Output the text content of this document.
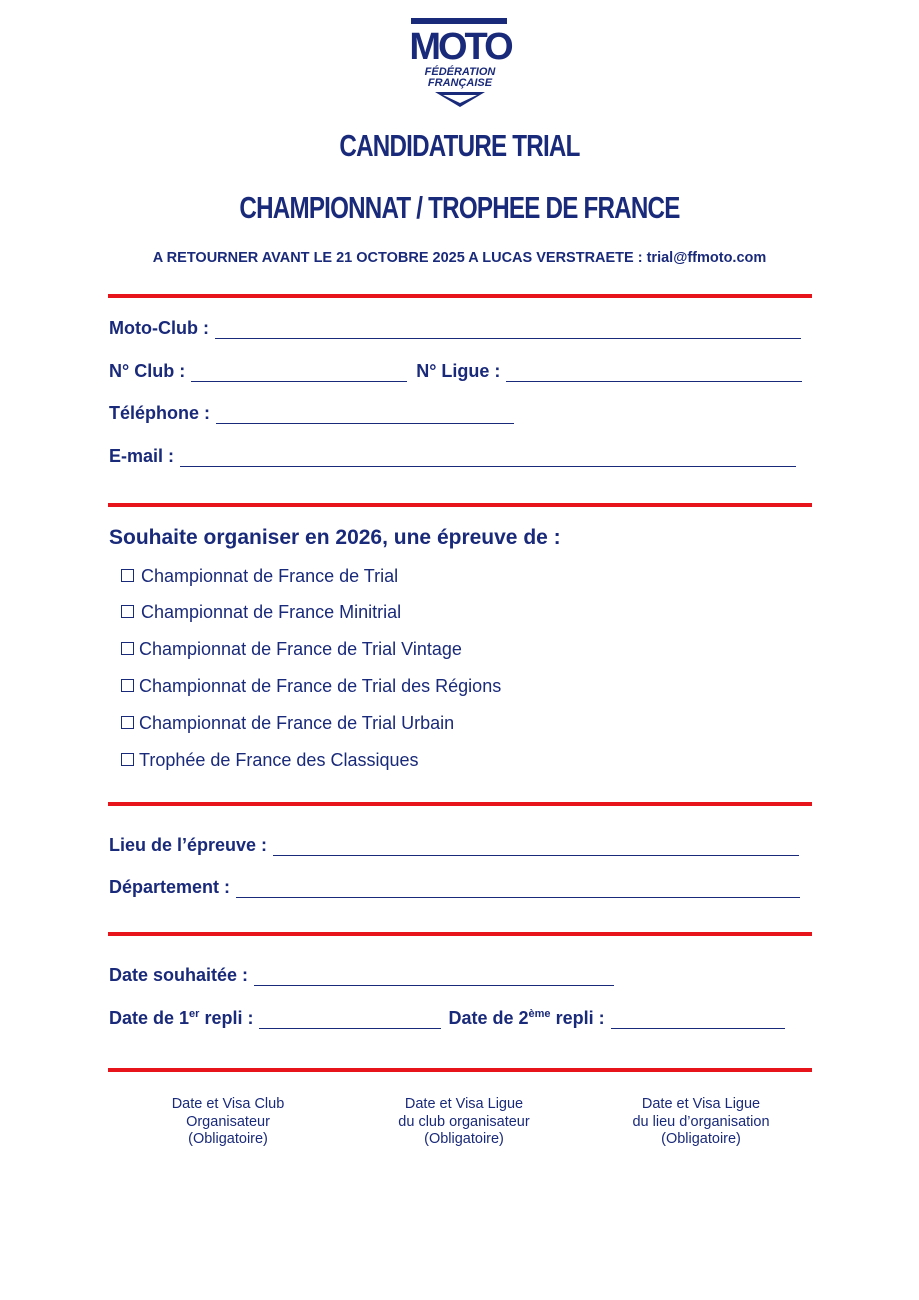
MOTO
FÉDÉRATION
FRANÇAISE
CANDIDATURE TRIAL
CHAMPIONNAT / TROPHEE DE FRANCE
A RETOURNER AVANT LE 21 OCTOBRE 2025 A LUCAS VERSTRAETE : trial@ffmoto.com
Moto-Club :
N° Club :	N° Ligue :
Téléphone :
E-mail :
Souhaite organiser en 2026, une épreuve de :
Championnat de France de Trial
Championnat de France Minitrial
Championnat de France de Trial Vintage
Championnat de France de Trial des Régions
Championnat de France de Trial Urbain
Trophée de France des Classiques
Lieu de l’épreuve :
Département :
Date souhaitée :
Date de 1er repli :	Date de 2ème repli :
Date et Visa Club
Organisateur
(Obligatoire)
Date et Visa Ligue
du club organisateur
(Obligatoire)
Date et Visa Ligue
du lieu d’organisation
(Obligatoire)
